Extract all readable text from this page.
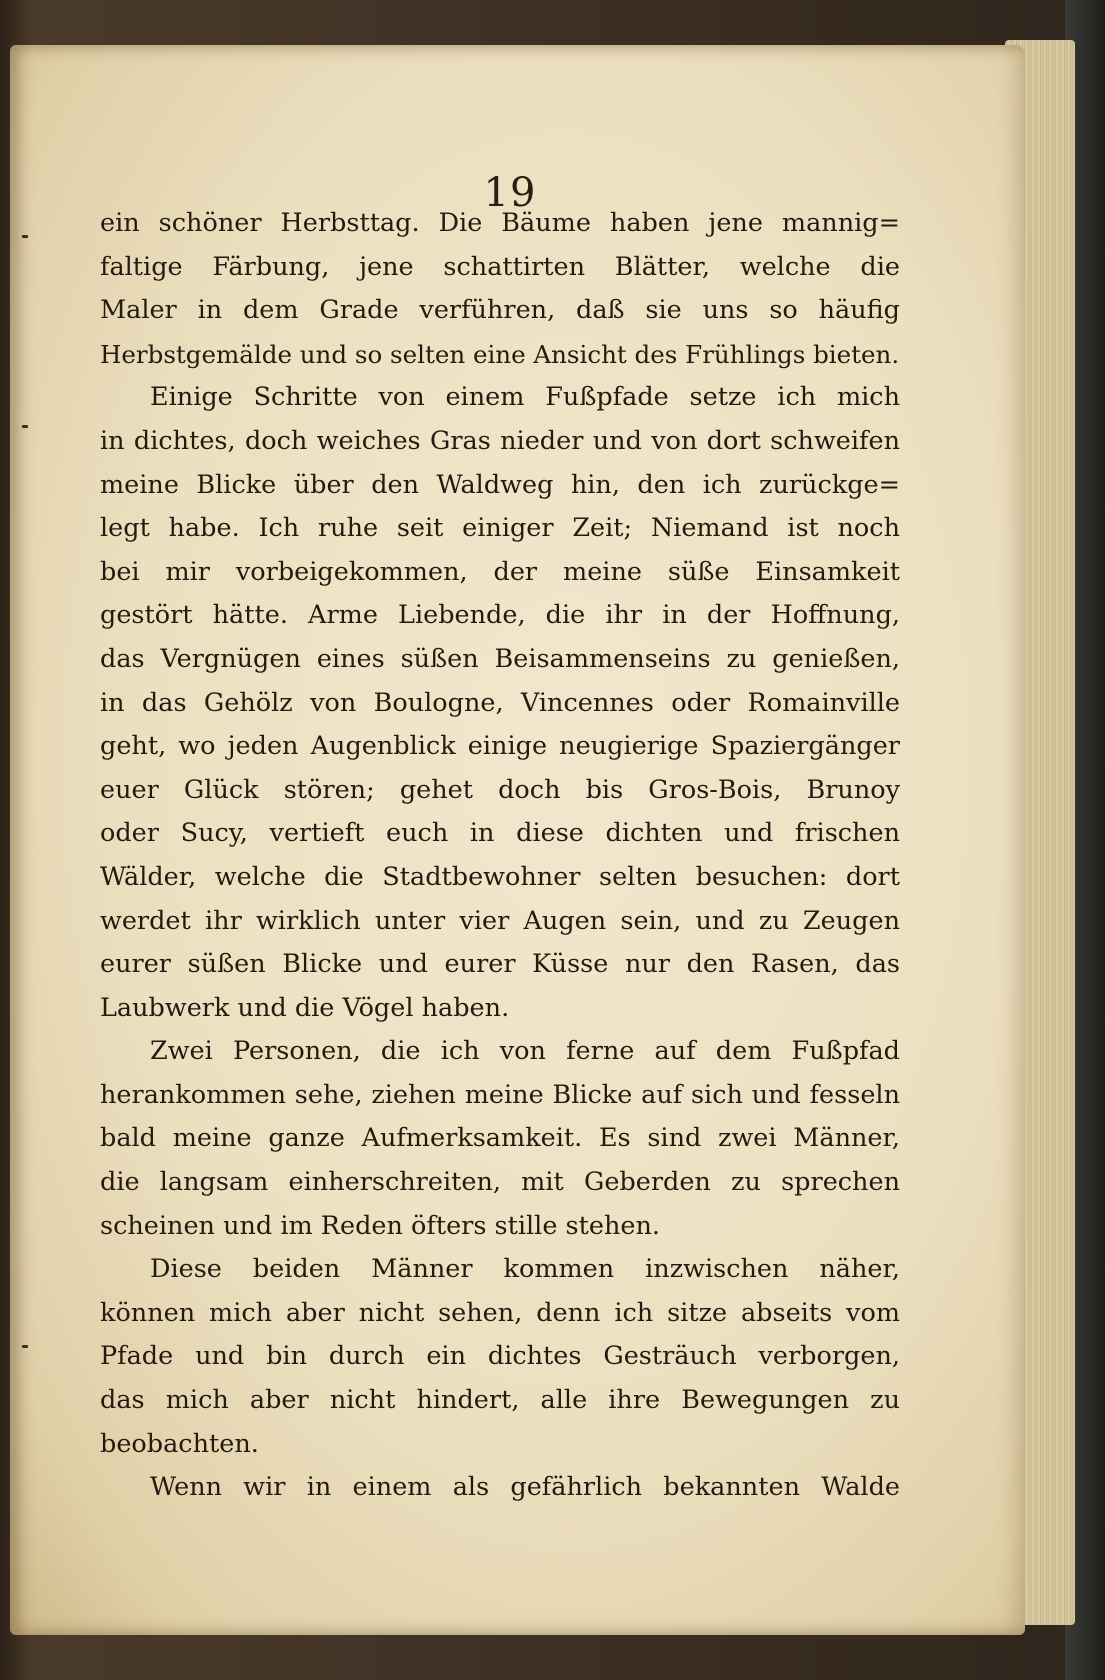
19
ein schöner Herbsttag. Die Bäume haben jene mannig=
faltige Färbung, jene schattirten Blätter, welche die
Maler in dem Grade verführen, daß sie uns so häufig
Herbstgemälde und so selten eine Ansicht des Frühlings bieten.
Einige Schritte von einem Fußpfade setze ich mich
in dichtes, doch weiches Gras nieder und von dort schweifen
meine Blicke über den Waldweg hin, den ich zurückge=
legt habe. Ich ruhe seit einiger Zeit; Niemand ist noch
bei mir vorbeigekommen, der meine süße Einsamkeit
gestört hätte. Arme Liebende, die ihr in der Hoffnung,
das Vergnügen eines süßen Beisammenseins zu genießen,
in das Gehölz von Boulogne, Vincennes oder Romainville
geht, wo jeden Augenblick einige neugierige Spaziergänger
euer Glück stören; gehet doch bis Gros-Bois, Brunoy
oder Sucy, vertieft euch in diese dichten und frischen
Wälder, welche die Stadtbewohner selten besuchen: dort
werdet ihr wirklich unter vier Augen sein, und zu Zeugen
eurer süßen Blicke und eurer Küsse nur den Rasen, das
Laubwerk und die Vögel haben.
Zwei Personen, die ich von ferne auf dem Fußpfad
herankommen sehe, ziehen meine Blicke auf sich und fesseln
bald meine ganze Aufmerksamkeit. Es sind zwei Männer,
die langsam einherschreiten, mit Geberden zu sprechen
scheinen und im Reden öfters stille stehen.
Diese beiden Männer kommen inzwischen näher,
können mich aber nicht sehen, denn ich sitze abseits vom
Pfade und bin durch ein dichtes Gesträuch verborgen,
das mich aber nicht hindert, alle ihre Bewegungen zu
beobachten.
Wenn wir in einem als gefährlich bekannten Walde
